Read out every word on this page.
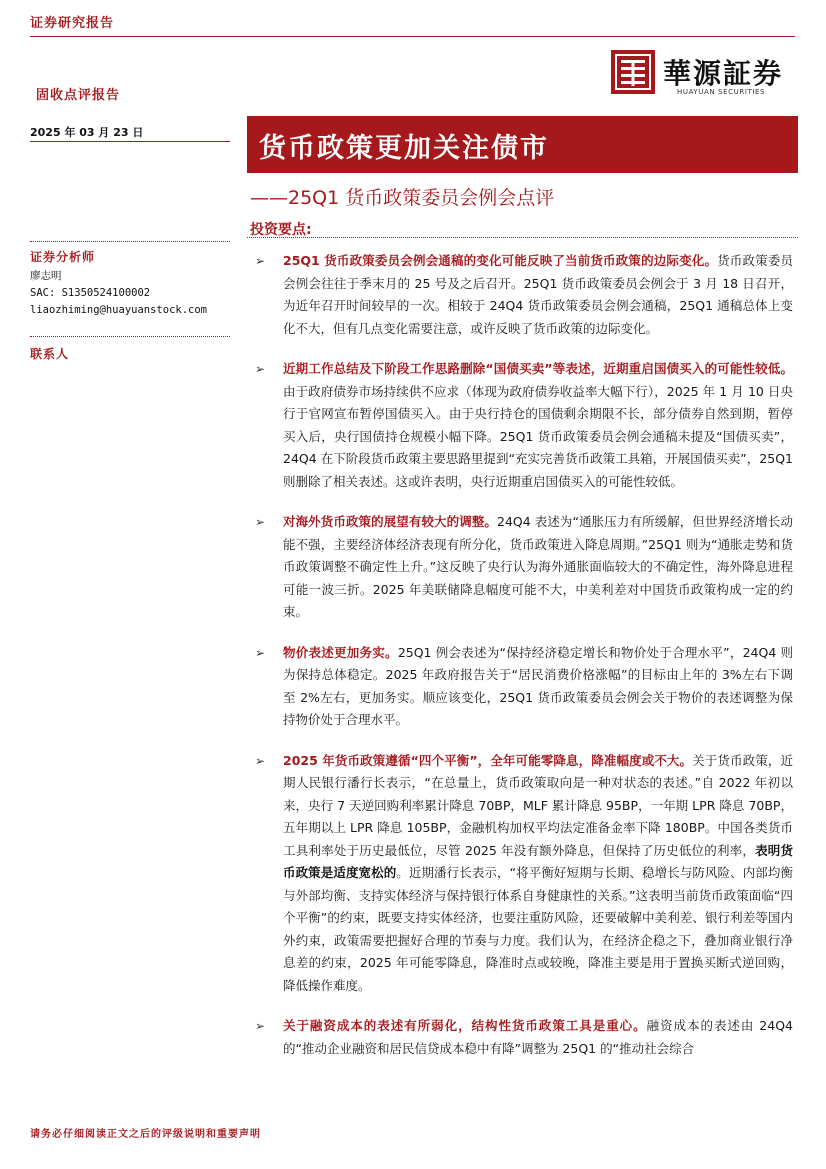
证券研究报告
固收点评报告
華源証券
HUAYUAN SECURITIES
2025 年 03 月 23 日
货币政策更加关注债市
——25Q1 货币政策委员会例会点评
投资要点:
证券分析师
廖志明
SAC: S1350524100002
liaozhiming@huayuanstock.com
联系人
➢ 25Q1 货币政策委员会例会通稿的变化可能反映了当前货币政策的边际变化。货币政策委员会例会往往于季末月的 25 号及之后召开。25Q1 货币政策委员会例会于 3 月 18 日召开，为近年召开时间较早的一次。相较于 24Q4 货币政策委员会例会通稿，25Q1 通稿总体上变化不大，但有几点变化需要注意，或许反映了货币政策的边际变化。
➢ 近期工作总结及下阶段工作思路删除“国债买卖”等表述，近期重启国债买入的可能性较低。由于政府债券市场持续供不应求（体现为政府债券收益率大幅下行），2025 年 1 月 10 日央行于官网宣布暂停国债买入。由于央行持仓的国债剩余期限不长，部分债券自然到期，暂停买入后，央行国债持仓规模小幅下降。25Q1 货币政策委员会例会通稿未提及“国债买卖”，24Q4 在下阶段货币政策主要思路里提到“充实完善货币政策工具箱，开展国债买卖”，25Q1 则删除了相关表述。这或许表明，央行近期重启国债买入的可能性较低。
➢ 对海外货币政策的展望有较大的调整。24Q4 表述为“通胀压力有所缓解，但世界经济增长动能不强，主要经济体经济表现有所分化，货币政策进入降息周期。”25Q1 则为“通胀走势和货币政策调整不确定性上升。”这反映了央行认为海外通胀面临较大的不确定性，海外降息进程可能一波三折。2025 年美联储降息幅度可能不大，中美利差对中国货币政策构成一定的约束。
➢ 物价表述更加务实。25Q1 例会表述为“保持经济稳定增长和物价处于合理水平”，24Q4 则为保持总体稳定。2025 年政府报告关于“居民消费价格涨幅”的目标由上年的 3%左右下调至 2%左右，更加务实。顺应该变化，25Q1 货币政策委员会例会关于物价的表述调整为保持物价处于合理水平。
➢ 2025 年货币政策遵循“四个平衡”，全年可能零降息，降准幅度或不大。关于货币政策，近期人民银行潘行长表示，“在总量上，货币政策取向是一种对状态的表述。”自 2022 年初以来，央行 7 天逆回购利率累计降息 70BP，MLF 累计降息 95BP，一年期 LPR 降息 70BP，五年期以上 LPR 降息 105BP，金融机构加权平均法定准备金率下降 180BP。中国各类货币工具利率处于历史最低位，尽管 2025 年没有额外降息，但保持了历史低位的利率，表明货币政策是适度宽松的。近期潘行长表示，“将平衡好短期与长期、稳增长与防风险、内部均衡与外部均衡、支持实体经济与保持银行体系自身健康性的关系。”这表明当前货币政策面临“四个平衡”的约束，既要支持实体经济，也要注重防风险，还要破解中美利差、银行利差等国内外约束，政策需要把握好合理的节奏与力度。我们认为，在经济企稳之下，叠加商业银行净息差的约束，2025 年可能零降息，降准时点或较晚，降准主要是用于置换买断式逆回购，降低操作难度。
➢ 关于融资成本的表述有所弱化，结构性货币政策工具是重心。融资成本的表述由 24Q4 的“推动企业融资和居民信贷成本稳中有降”调整为 25Q1 的“推动社会综合
请务必仔细阅读正文之后的评级说明和重要声明
